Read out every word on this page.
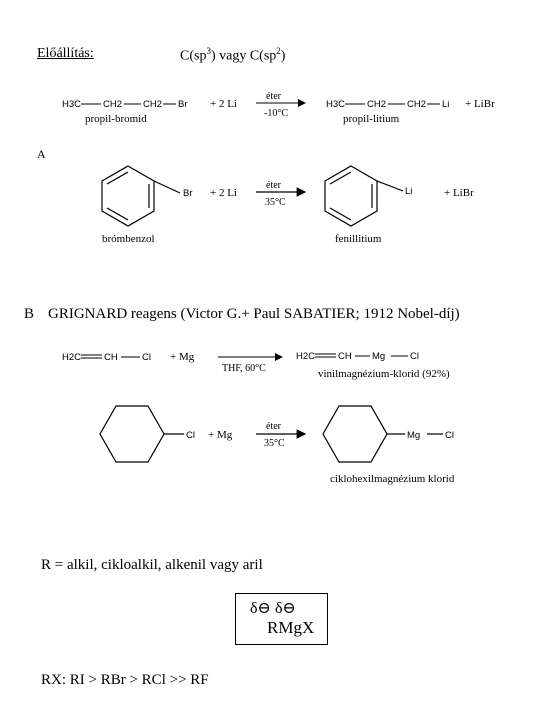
Előállítás:	$C(sp^3)$ vagy $C(sp^2)$
H3C CH2 CH2 Br
propil-bromid
+ 2 Li
éter
-10°C
H3C CH2 CH2 Li
propil-litium
+ LiBr
A
Br	Li
+ 2 Li
éter
35°C
+ LiBr
brómbenzol	fenillitium
B GRIGNARD reagens (Victor G.+ Paul SABATIER; 1912 Nobel-díj)
H2C CH	Cl + Mg
THF, 60°C
H2C CH Mg	Cl
vinilmagnézium-klorid (92%)
Cl	Mg	Cl
+ Mg
éter
35°C
ciklohexilmagnézium klorid
R = alkil, cikloalkil, alkenil vagy aril
δ⊖ δ⊖
RMgX
RX: RI > RBr > RCl >> RF
